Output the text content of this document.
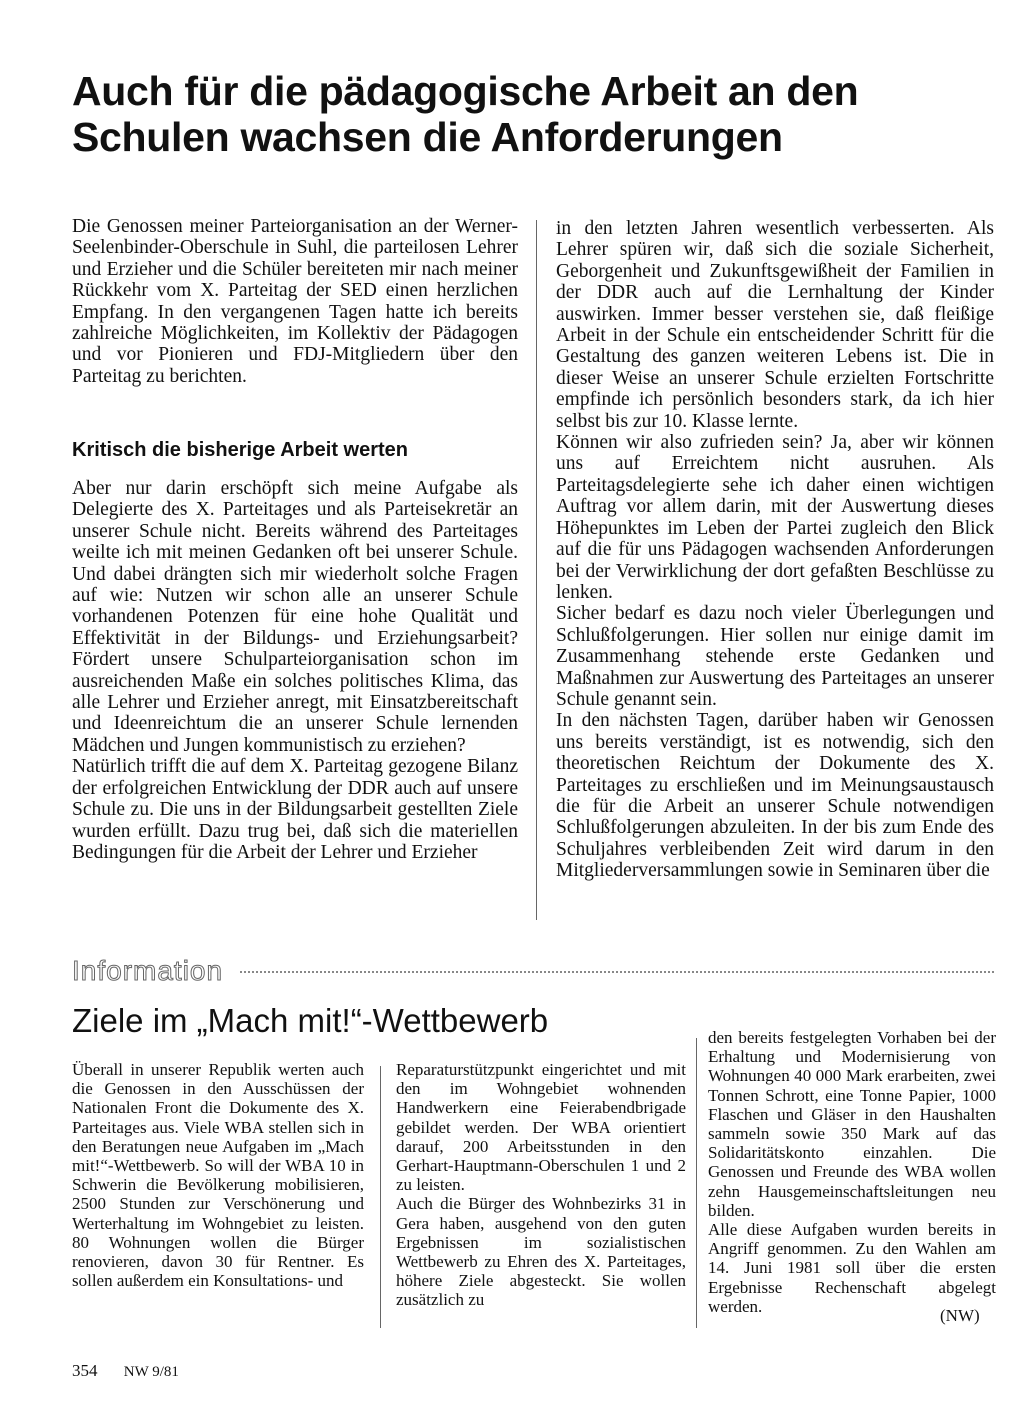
Auch für die pädagogische Arbeit an den Schulen wachsen die Anforderungen

Die Genossen meiner Parteiorganisation an der Werner-Seelenbinder-Oberschule in Suhl, die parteilosen Lehrer und Erzieher und die Schüler bereiteten mir nach meiner Rückkehr vom X. Parteitag der SED einen herzlichen Empfang. In den vergangenen Tagen hatte ich bereits zahlreiche Möglichkeiten, im Kollektiv der Pädagogen und vor Pionieren und FDJ-Mitgliedern über den Parteitag zu berichten.

Kritisch die bisherige Arbeit werten

Aber nur darin erschöpft sich meine Aufgabe als Delegierte des X. Parteitages und als Parteisekretär an unserer Schule nicht. Bereits während des Parteitages weilte ich mit meinen Gedanken oft bei unserer Schule. Und dabei drängten sich mir wiederholt solche Fragen auf wie: Nutzen wir schon alle an unserer Schule vorhandenen Potenzen für eine hohe Qualität und Effektivität in der Bildungs- und Erziehungsarbeit? Fördert unsere Schulparteiorganisation schon im ausreichenden Maße ein solches politisches Klima, das alle Lehrer und Erzieher anregt, mit Einsatzbereitschaft und Ideenreichtum die an unserer Schule lernenden Mädchen und Jungen kommunistisch zu erziehen?

Natürlich trifft die auf dem X. Parteitag gezogene Bilanz der erfolgreichen Entwicklung der DDR auch auf unsere Schule zu. Die uns in der Bildungsarbeit gestellten Ziele wurden erfüllt. Dazu trug bei, daß sich die materiellen Bedingungen für die Arbeit der Lehrer und Erzieher

in den letzten Jahren wesentlich verbesserten. Als Lehrer spüren wir, daß sich die soziale Sicherheit, Geborgenheit und Zukunftsgewißheit der Familien in der DDR auch auf die Lernhaltung der Kinder auswirken. Immer besser verstehen sie, daß fleißige Arbeit in der Schule ein entscheidender Schritt für die Gestaltung des ganzen weiteren Lebens ist. Die in dieser Weise an unserer Schule erzielten Fortschritte empfinde ich persönlich besonders stark, da ich hier selbst bis zur 10. Klasse lernte.

Können wir also zufrieden sein? Ja, aber wir können uns auf Erreichtem nicht ausruhen. Als Parteitagsdelegierte sehe ich daher einen wichtigen Auftrag vor allem darin, mit der Auswertung dieses Höhepunktes im Leben der Partei zugleich den Blick auf die für uns Pädagogen wachsenden Anforderungen bei der Verwirklichung der dort gefaßten Beschlüsse zu lenken.

Sicher bedarf es dazu noch vieler Überlegungen und Schlußfolgerungen. Hier sollen nur einige damit im Zusammenhang stehende erste Gedanken und Maßnahmen zur Auswertung des Parteitages an unserer Schule genannt sein.

In den nächsten Tagen, darüber haben wir Genossen uns bereits verständigt, ist es notwendig, sich den theoretischen Reichtum der Dokumente des X. Parteitages zu erschließen und im Meinungsaustausch die für die Arbeit an unserer Schule notwendigen Schlußfolgerungen abzuleiten. In der bis zum Ende des Schuljahres verbleibenden Zeit wird darum in den Mitgliederversammlungen sowie in Seminaren über die

Information
Ziele im „Mach mit!“-Wettbewerb

Überall in unserer Republik werten auch die Genossen in den Ausschüssen der Nationalen Front die Dokumente des X. Parteitages aus. Viele WBA stellen sich in den Beratungen neue Aufgaben im „Mach mit!“-Wettbewerb. So will der WBA 10 in Schwerin die Bevölkerung mobilisieren, 2500 Stunden zur Verschönerung und Werterhaltung im Wohngebiet zu leisten. 80 Wohnungen wollen die Bürger renovieren, davon 30 für Rentner. Es sollen außerdem ein Konsultations- und

Reparaturstützpunkt eingerichtet und mit den im Wohngebiet wohnenden Handwerkern eine Feierabendbrigade gebildet werden. Der WBA orientiert darauf, 200 Arbeitsstunden in den Gerhart-Hauptmann-Oberschulen 1 und 2 zu leisten.

Auch die Bürger des Wohnbezirks 31 in Gera haben, ausgehend von den guten Ergebnissen im sozialistischen Wettbewerb zu Ehren des X. Parteitages, höhere Ziele abgesteckt. Sie wollen zusätzlich zu

den bereits festgelegten Vorhaben bei der Erhaltung und Modernisierung von Wohnungen 40 000 Mark erarbeiten, zwei Tonnen Schrott, eine Tonne Papier, 1000 Flaschen und Gläser in den Haushalten sammeln sowie 350 Mark auf das Solidaritätskonto einzahlen. Die Genossen und Freunde des WBA wollen zehn Hausgemeinschaftsleitungen neu bilden.

Alle diese Aufgaben wurden bereits in Angriff genommen. Zu den Wahlen am 14. Juni 1981 soll über die ersten Ergebnisse Rechenschaft abgelegt werden.	(NW)
354 NW 9/81
